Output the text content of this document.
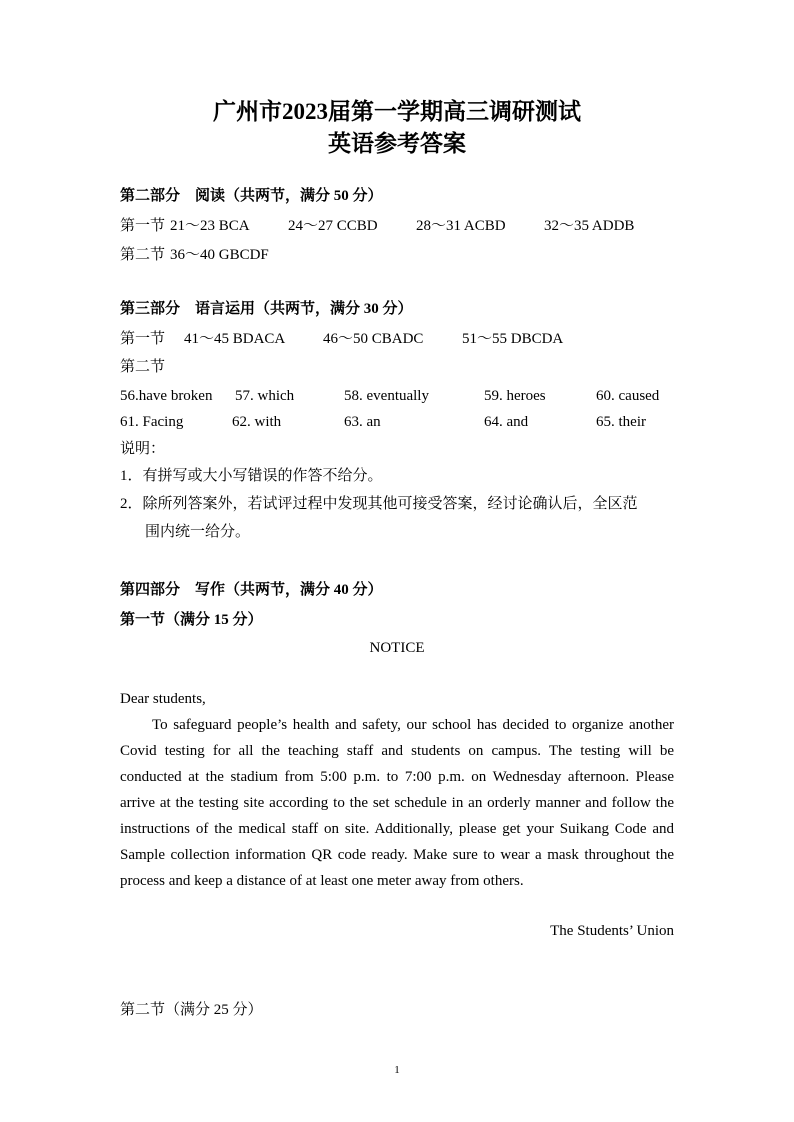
广州市2023届第一学期高三调研测试
英语参考答案
第二部分　阅读（共两节，满分 50 分）
第一节 21～23 BCA	24～27 CCBD	28～31 ACBD	32～35 ADDB
第二节 36～40 GBCDF
第三部分　语言运用（共两节，满分 30 分）
第一节 41～45 BDACA	46～50 CBADC	51～55 DBCDA
第二节
56.have broken 57. which	58. eventually	59. heroes	60. caused
61. Facing	62. with	63. an	64. and	65. their
说明：
1．有拼写或大小写错误的作答不给分。
2．除所列答案外，若试评过程中发现其他可接受答案，经讨论确认后，全区范
围内统一给分。
第四部分　写作（共两节，满分 40 分）
第一节（满分 15 分）
NOTICE
Dear students,

To safeguard people’s health and safety, our school has decided to organize another Covid testing for all the teaching staff and students on campus. The testing will be conducted at the stadium from 5:00 p.m. to 7:00 p.m. on Wednesday afternoon. Please arrive at the testing site according to the set schedule in an orderly manner and follow the instructions of the medical staff on site. Additionally, please get your Suikang Code and Sample collection information QR code ready. Make sure to wear a mask throughout the process and keep a distance of at least one meter away from others.

The Students’ Union
第二节（满分 25 分）
1
